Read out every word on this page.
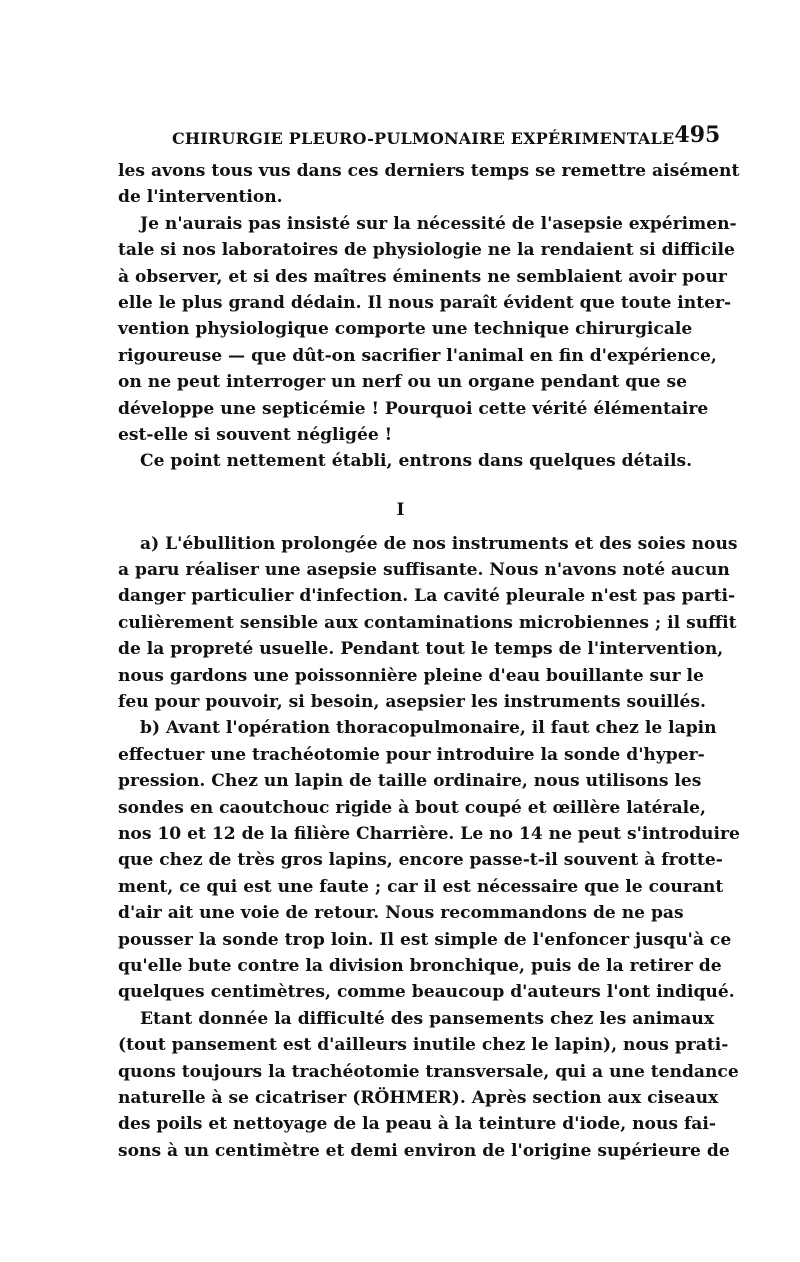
CHIRURGIE PLEURO-PULMONAIRE EXPÉRIMENTALE 495
les avons tous vus dans ces derniers temps se remettre aisément
de l'intervention.
Je n'aurais pas insisté sur la nécessité de l'asepsie expérimen-
tale si nos laboratoires de physiologie ne la rendaient si difficile
à observer, et si des maîtres éminents ne semblaient avoir pour
elle le plus grand dédain. Il nous paraît évident que toute inter-
vention physiologique comporte une technique chirurgicale
rigoureuse — que dût-on sacrifier l'animal en fin d'expérience,
on ne peut interroger un nerf ou un organe pendant que se
développe une septicémie ! Pourquoi cette vérité élémentaire
est-elle si souvent négligée !
Ce point nettement établi, entrons dans quelques détails.
I
a) L'ébullition prolongée de nos instruments et des soies nous
a paru réaliser une asepsie suffisante. Nous n'avons noté aucun
danger particulier d'infection. La cavité pleurale n'est pas parti-
culièrement sensible aux contaminations microbiennes ; il suffit
de la propreté usuelle. Pendant tout le temps de l'intervention,
nous gardons une poissonnière pleine d'eau bouillante sur le
feu pour pouvoir, si besoin, asepsier les instruments souillés.
b) Avant l'opération thoracopulmonaire, il faut chez le lapin
effectuer une trachéotomie pour introduire la sonde d'hyper-
pression. Chez un lapin de taille ordinaire, nous utilisons les
sondes en caoutchouc rigide à bout coupé et œillère latérale,
nos 10 et 12 de la filière Charrière. Le no 14 ne peut s'introduire
que chez de très gros lapins, encore passe-t-il souvent à frotte-
ment, ce qui est une faute ; car il est nécessaire que le courant
d'air ait une voie de retour. Nous recommandons de ne pas
pousser la sonde trop loin. Il est simple de l'enfoncer jusqu'à ce
qu'elle bute contre la division bronchique, puis de la retirer de
quelques centimètres, comme beaucoup d'auteurs l'ont indiqué.
Etant donnée la difficulté des pansements chez les animaux
(tout pansement est d'ailleurs inutile chez le lapin), nous prati-
quons toujours la trachéotomie transversale, qui a une tendance
naturelle à se cicatriser (RÖHMER). Après section aux ciseaux
des poils et nettoyage de la peau à la teinture d'iode, nous fai-
sons à un centimètre et demi environ de l'origine supérieure de
